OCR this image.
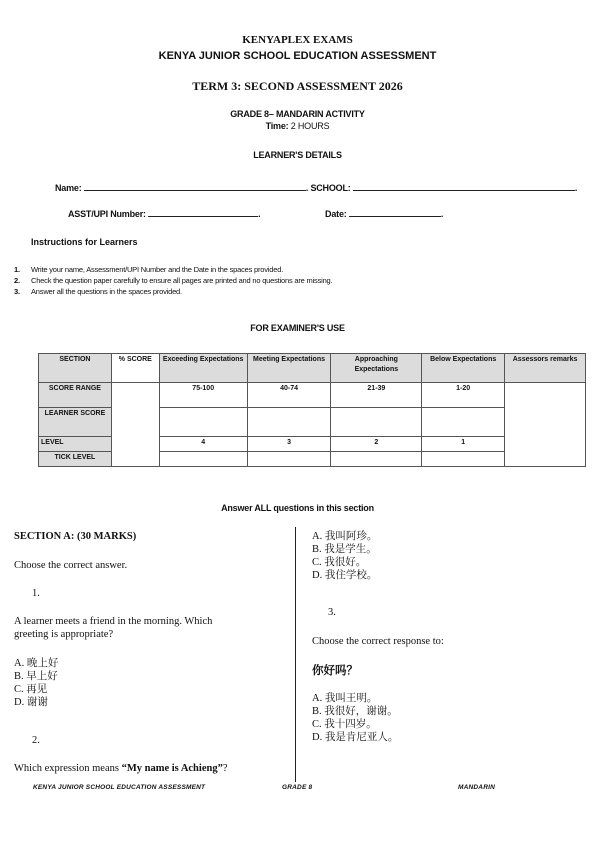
KENYAPLEX EXAMS
KENYA JUNIOR SCHOOL EDUCATION ASSESSMENT
TERM 3: SECOND ASSESSMENT 2026
GRADE 8– MANDARIN ACTIVITY
Time: 2 HOURS
LEARNER'S DETAILS
Name:	. SCHOOL:	.
ASST/UPI Number:	.	Date:	.
Instructions for Learners
1. Write your name, Assessment/UPI Number and the Date in the spaces provided.
2. Check the question paper carefully to ensure all pages are printed and no questions are missing.
3. Answer all the questions in the spaces provided.
FOR EXAMINER'S USE
SECTION	% SCORE	Exceeding Expectations	Meeting Expectations	Approaching Expectations	Below Expectations	Assessors remarks
SCORE RANGE		75-100	40-74	21-39	1-20	
LEARNER SCORE						
LEVEL		4	3	2	1	
TICK LEVEL						
Answer ALL questions in this section
SECTION A: (30 MARKS)
Choose the correct answer.
1.
A learner meets a friend in the morning. Which
greeting is appropriate?
A. 晚上好
B. 早上好
C. 再见
D. 谢谢
2.
Which expression means “My name is Achieng”?
A. 我叫阿珍。
B. 我是学生。
C. 我很好。
D. 我住学校。
3.
Choose the correct response to:
你好吗？
A. 我叫王明。
B. 我很好，谢谢。
C. 我十四岁。
D. 我是肯尼亚人。
KENYA JUNIOR SCHOOL EDUCATION ASSESSMENT	GRADE 8	MANDARIN
